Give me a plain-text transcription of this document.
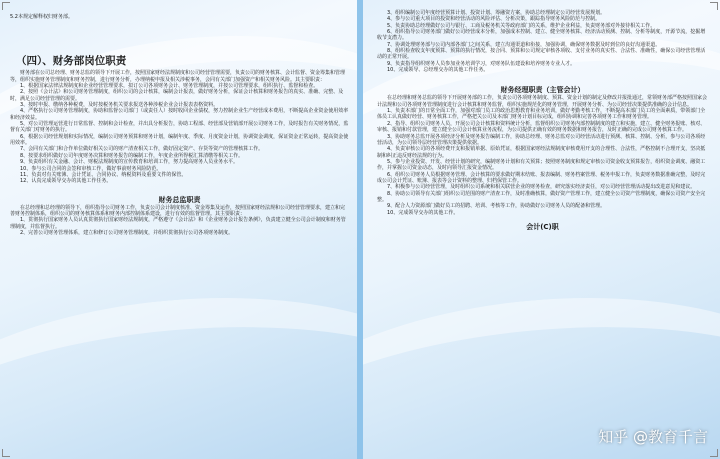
5.2本规定解释权归财务部。

（四）、财务部岗位职责

财务部在公司总经理、财务总监的领导下开展工作，按照国家财经法规制度和公司经营管理需要，负责公司的财务核算、会计监督、资金筹集和管理等，组织实施财务管理制度和财务控制，进行财务分析，办理纳税申报及相关涉税事务，会同有关部门加强资产和相关财务风险。其主要职责：

1、根据国家法律法规制度和企业经营管理要求，拟订公司各项财务会计、财务管理制度，并按公司管理要求，组织执行、监督和检查。

2、按照《会计法》和公司财务管理制度，组织公司的会计核算，编制会计报表，做好财务分析，保证会计核算和财务报告的真实、准确、完整、及时，满足公司经营管理的需要。

3、按时申报、缴纳各种税费，及时按税务机关要求报送各种涉税企业会计报表表格资料。

4、严格执行公司财务管理制度，协助和监督公司部门（或责任人）按时收回企业债权，努力控制企业生产经营成本费用，不断提高企业资金使用效率和经济效益。

5、对公司管理运营进行日常监督、控制和会计检查，并出具分析报告，协助工程部、经营部及营销部开展公司财务工作，及时报告有关财务情况，监督有关部门对财务的执行。

6、根据公司经营规划和实际情况，编制公司财务预算和财务计划，编制年度、季度、月度资金计划，协调资金调度，保证资金正常运转，提高资金使用效率。

7、会同有关部门和合作单位做好相关公司的财产清查相关工作，做好固定资产、存货等资产的管理核算工作。

8、按要求组织做好公司年度财务决算和财务报告的编制工作，年度企业所得税汇算清缴等相关工作。

9、负责组织有关金融、会计、财税法规制度的宣传教育和培训工作，努力提高财务人员业务水平。

10、参与公司合同的会签和审核工作，做好事前财务风险防范。

11、负责对有关账簿、会计凭证、合同协议、纳税资料及重要文件的保管。

12、认真完成领导交办的其他工作任务。

财务总监职责

在总经理和总经理的领导下，组织指导公司财务工作，负责公司会计制度核准、资金筹集及运作，按照国家财经法规和公司经营管理要求，建立和完善财务控制体系，组织公司的财务核算体系和财务内部控制体系建设，进行有效的监督管理。其主要职责：

1、贯彻执行国家财务人员认真贯彻执行国家财经法规制度，严格遵守《会计法》和《企业财务会计报告条例》，负责建立健全公司会计制度和财务管理制度，并监督执行。

2、完善公司财务管理体系，建立和修订公司财务管理制度，并组织贯彻执行公司各项财务制度。

3、组织编制公司年度经营预算计划、投资计划、筹融资方案，协助总经理制定公司经营发展规划。

4、参与公司重大项目的投资和经营活动的风险评估、分析决策，跟踪指导财务风险防范与控制。

5、负责协助总经理做好公司与银行、工商及税务机关等政府部门的关系，维护企业利益，负责财务部对外接待相关工作。

6、组织指导公司财务部门做好公司经营成本分析，加强成本控制、建立、健全财务核算、经济活动预测、控制、分析等制度，开源节流，挖掘增收节支潜力。

7、协调处理财务部与公司内部各部门之间关系，建立沟通渠道和衔接，加强协调，确保财务数据及时到位的良好沟通渠道。

8、组织检查收支年度预算、预算的执行情况，按合同、预算和公司规定审核各项收、支付业务的真实性、合法性、准确性，确保公司经营管理活动的正常开展。

9、负责指导组织财务人员参加业务培训学习，对财务队伍建设和培养财务专业人才。

10、完成领导、总经理交办的其他工作任务。

财务经理职责（主管会计）

在总经理和财务总监的领导下开展财务部的工作，负责公司各项财务制度、预算、资金计划的制定及修改并报批通过，常领财务部严格按照国家会计法规和公司各项财务管理制度进行会计核算和财务监督，组织实施规范化的财务管理，开展财务分析、为公司经营决策提供准确的会计信息。

1、负责本部门的日常全面工作，加强对部门员工的政治思想教育和业务培训，做好考勤考核工作，不断提高本部门员工的全面素质，带领部门全体员工认真做好经营、财务核算工作，严格把关公司及本部门财务计划目标完成，组织协调和完善各项财务工作和财务管理。

2、指导、组织公司财务人员，开展公司会计核算和资料统计分析，监督组织公司财务内部控制制度的建立和实施，建立、健全财务报账、核对、审核、报销和付款管理，建立健全公司会计核算业务流程，为公司提供正确有效的财务数据和财务报告，及时正确的完成公司财务核算工作。

3、协助财务总监开展各项经济分析及财务报告编制工作，协助总经理、财务总监对公司经营活动进行预测、核算、控制、分析，参与公司各项经营活动，为公司领导层经营管理决策提供依据。

4、负责审核公司的各项经费开支和报销单据、原始凭证，根据国家财经法规制度审核费用开支的合理性、合法性，严格控制不合理开支，坚决抵制和纠正违反财经法规的行为。

5、参与企业投资、开发、经营计划的研究，编制财务计划和有关预算；按照财务制度和规定审核公司资金收支预算报告，组织资金调度、融资工作，并掌握公司资金动态，及时向领导汇报资金情况。

6、组织公司财务人员根据财务管理、会计核算的要求做好期末结账、报表编制、财务档案管理、税务申报工作，负责财务数据准确完整，及时完成公司会计凭证、账簿、报表等会计资料的整理、归档保管工作。

7、积极参与公司经营管理，及时组织公司系统和相关联营企业的财务检查，研究落实经济责任，对公司经营管理活动提出改进意见和建议。

8、协助公司领导有关部门组织公司范围的财产清查工作，及时准确核算，做好资产管理工作，建立健全公司资产管理制度，确保公司资产安全完整。

9、配合人力资源部门做好员工的招聘、培训、考核等工作，协助做好公司财务人员的配备和管理。

10、完成领导交办的其他工作。

会计(C)职

知乎 @教育千言
